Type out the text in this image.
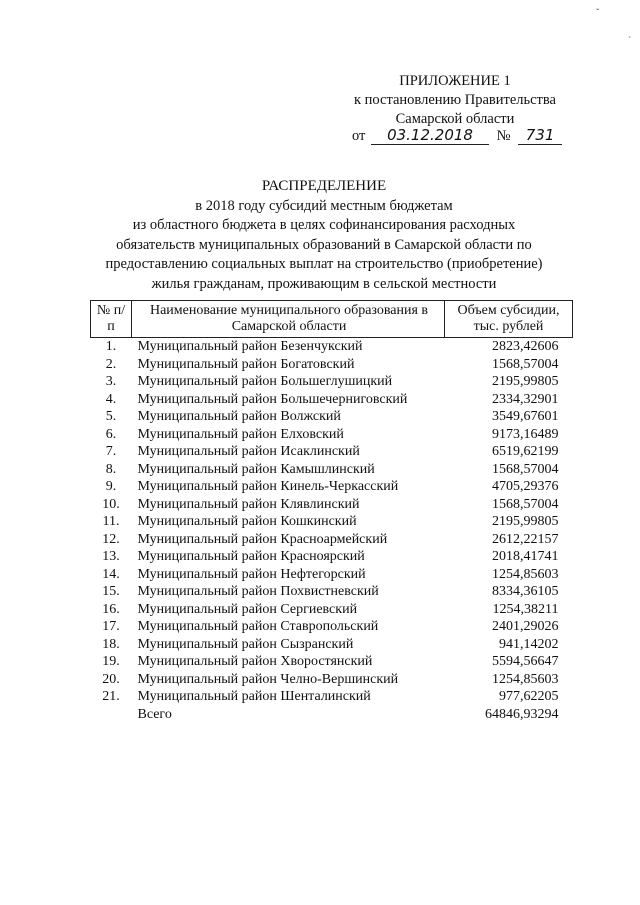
ˇ
ˊ
ПРИЛОЖЕНИЕ 1
к постановлению Правительства
Самарской области
от 03.12.2018 № 731
РАСПРЕДЕЛЕНИЕ
в 2018 году субсидий местным бюджетам
из областного бюджета в целях софинансирования расходных
обязательств муниципальных образований в Самарской области по
предоставлению социальных выплат на строительство (приобретение)
жилья гражданам, проживающим в сельской местности
№ п/п	Наименование муниципального образования в Самарской области	Объем субсидии, тыс. рублей
1.	Муниципальный район Безенчукский	2823,42606
2.	Муниципальный район Богатовский	1568,57004
3.	Муниципальный район Большеглушицкий	2195,99805
4.	Муниципальный район Большечерниговский	2334,32901
5.	Муниципальный район Волжский	3549,67601
6.	Муниципальный район Елховский	9173,16489
7.	Муниципальный район Исаклинский	6519,62199
8.	Муниципальный район Камышлинский	1568,57004
9.	Муниципальный район Кинель-Черкасский	4705,29376
10.	Муниципальный район Клявлинский	1568,57004
11.	Муниципальный район Кошкинский	2195,99805
12.	Муниципальный район Красноармейский	2612,22157
13.	Муниципальный район Красноярский	2018,41741
14.	Муниципальный район Нефтегорский	1254,85603
15.	Муниципальный район Похвистневский	8334,36105
16.	Муниципальный район Сергиевский	1254,38211
17.	Муниципальный район Ставропольский	2401,29026
18.	Муниципальный район Сызранский	941,14202
19.	Муниципальный район Хворостянский	5594,56647
20.	Муниципальный район Челно-Вершинский	1254,85603
21.	Муниципальный район Шенталинский	977,62205
	Всего	64846,93294
